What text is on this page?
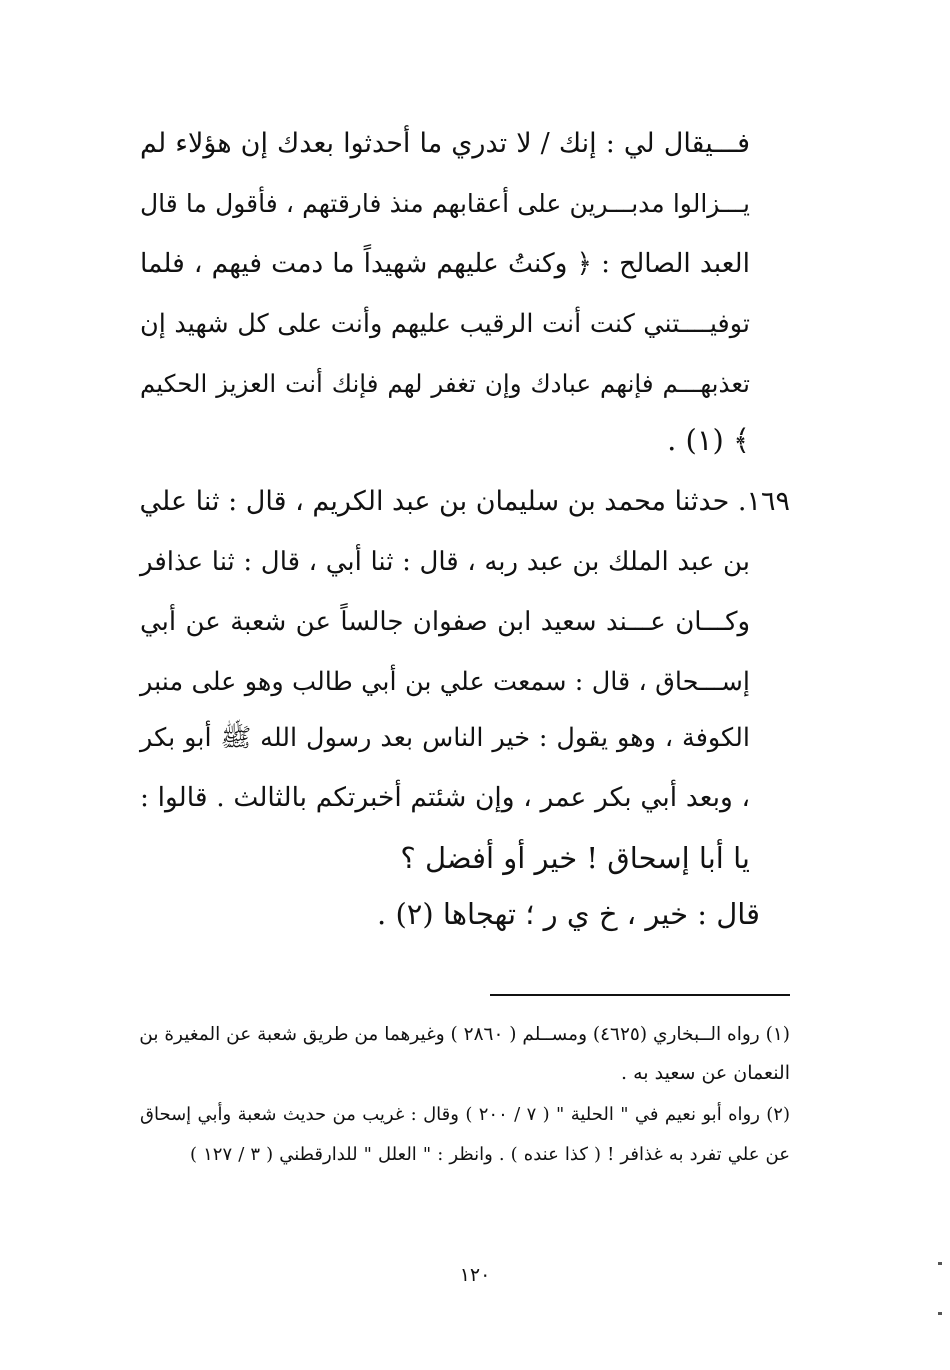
فـــيقال لي : إنك / لا تدري ما أحدثوا بعدك إن هؤلاء لم
يـــزالوا مدبـــرين على أعقابهم منذ فارقتهم ، فأقول ما قال
العبد الصالح : ﴿ وكنتُ عليهم شهيداً ما دمت فيهم ، فلما
توفيــــتني كنت أنت الرقيب عليهم وأنت على كل شهيد إن
تعذبهـــم فإنهم عبادك وإن تغفر لهم فإنك أنت العزيز الحكيم
﴾ (١) .
١٦٩. حدثنا محمد بن سليمان بن عبد الكريم ، قال : ثنا علي
بن عبد الملك بن عبد ربه ، قال : ثنا أبي ، قال : ثنا عذافر
وكـــان عـــند سعيد ابن صفوان جالساً عن شعبة عن أبي
إســـحاق ، قال : سمعت علي بن أبي طالب وهو على منبر
الكوفة ، وهو يقول : خير الناس بعد رسول الله ﷺ أبو بكر
، وبعد أبي بكر عمر ، وإن شئتم أخبرتكم بالثالث . قالوا :
يا أبا إسحاق ! خير أو أفضل ؟
قال : خير ، خ ي ر ؛ تهجاها (٢) .
(١) رواه الــبخاري (٤٦٢٥) ومســلم ( ٢٨٦٠ ) وغيرهما من طريق شعبة عن المغيرة بن
النعمان عن سعيد به .
(٢) رواه أبو نعيم في " الحلية " ( ٧ / ٢٠٠ ) وقال : غريب من حديث شعبة وأبي إسحاق
عن علي تفرد به غذافر ! ( كذا عنده ) . وانظر : " العلل " للدارقطني ( ٣ / ١٢٧ )
١٢٠
